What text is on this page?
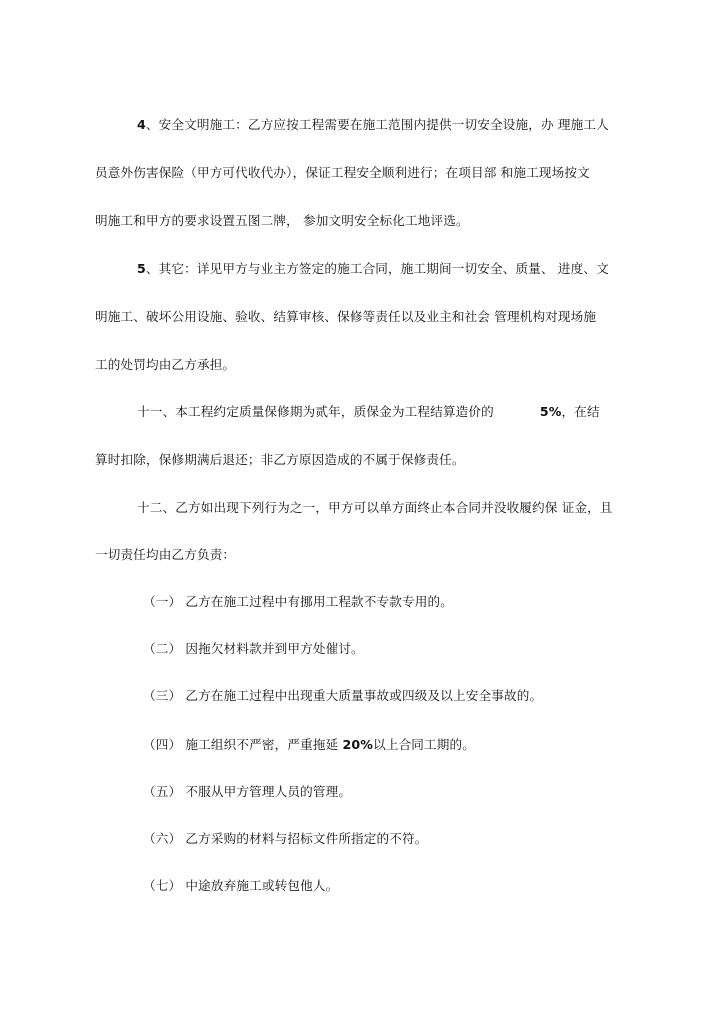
4、安全文明施工：乙方应按工程需要在施工范围内提供一切安全设施，办 理施工人
员意外伤害保险（甲方可代收代办），保证工程安全顺利进行；在项目部 和施工现场按文
明施工和甲方的要求设置五图二牌， 参加文明安全标化工地评选。
5、其它：详见甲方与业主方签定的施工合同，施工期间一切安全、质量、 进度、文
明施工、破坏公用设施、验收、结算审核、保修等责任以及业主和社会 管理机构对现场施
工的处罚均由乙方承担。
十一、本工程约定质量保修期为贰年，质保金为工程结算造价的	5%，在结
算时扣除，保修期满后退还；非乙方原因造成的不属于保修责任。
十二、乙方如出现下列行为之一，甲方可以单方面终止本合同并没收履约保 证金，且
一切责任均由乙方负责：
（一） 乙方在施工过程中有挪用工程款不专款专用的。
（二） 因拖欠材料款并到甲方处催讨。
（三） 乙方在施工过程中出现重大质量事故或四级及以上安全事故的。
（四） 施工组织不严密，严重拖延 20%以上合同工期的。
（五） 不服从甲方管理人员的管理。
（六） 乙方采购的材料与招标文件所指定的不符。
（七） 中途放弃施工或转包他人。
